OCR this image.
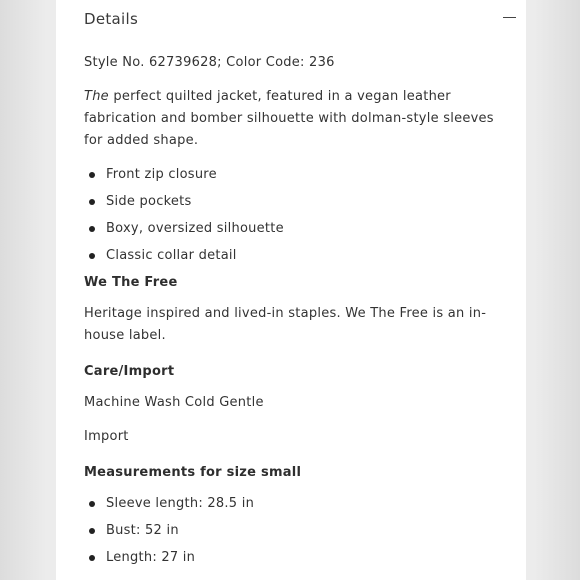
Details

Style No. 62739628; Color Code: 236

The perfect quilted jacket, featured in a vegan leather fabrication and bomber silhouette with dolman-style sleeves for added shape.

Front zip closure
Side pockets
Boxy, oversized silhouette
Classic collar detail

We The Free

Heritage inspired and lived-in staples. We The Free is an in-house label.

Care/Import

Machine Wash Cold Gentle

Import

Measurements for size small

Sleeve length: 28.5 in
Bust: 52 in
Length: 27 in
